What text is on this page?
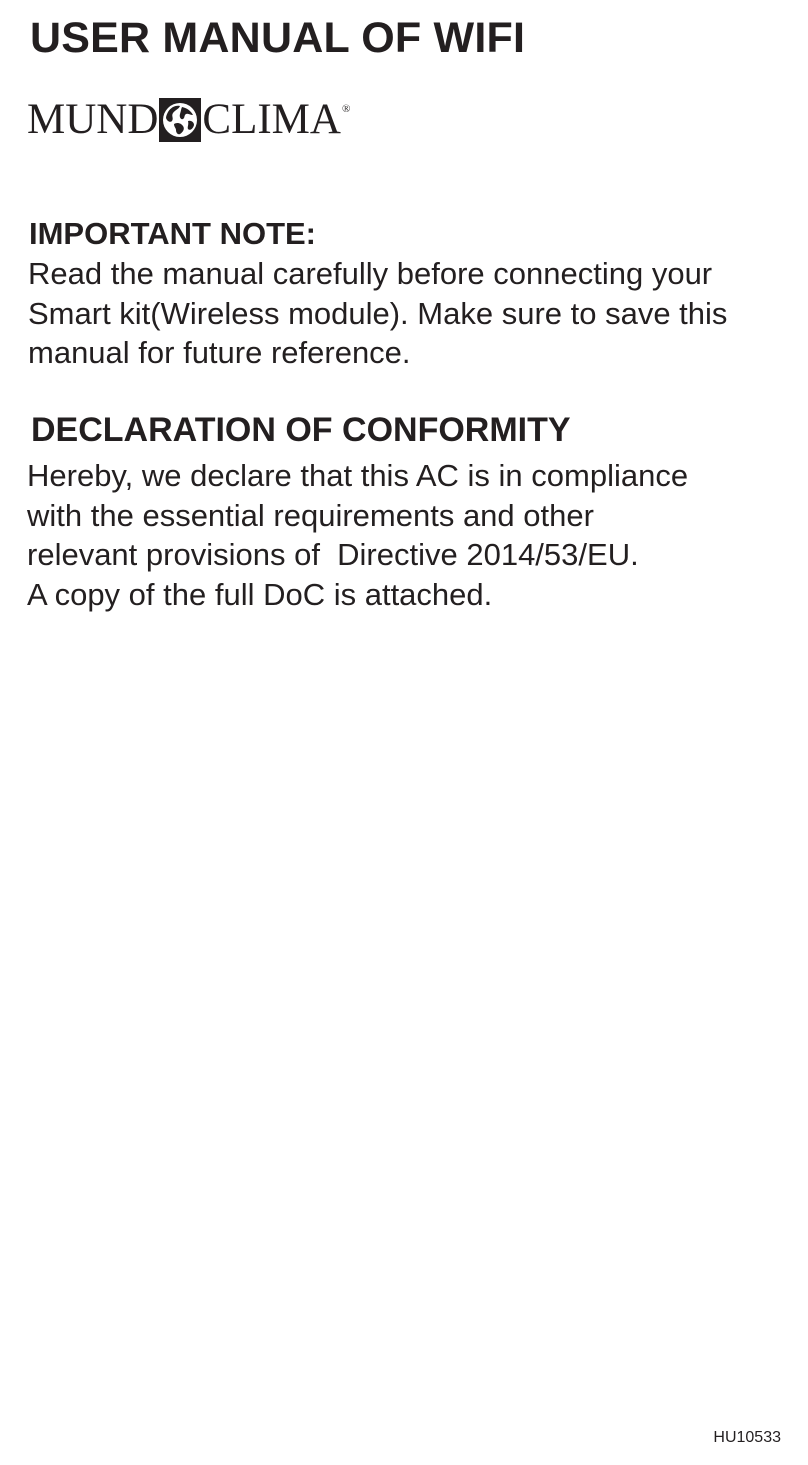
USER MANUAL OF WIFI
MUND CLIMA ®
IMPORTANT NOTE:

Read the manual carefully before connecting your
Smart kit(Wireless module). Make sure to save this
manual for future reference.

DECLARATION OF CONFORMITY

Hereby, we declare that this AC is in compliance
with the essential requirements and other
relevant provisions of  Directive 2014/53/EU.
A copy of the full DoC is attached.

HU10533
